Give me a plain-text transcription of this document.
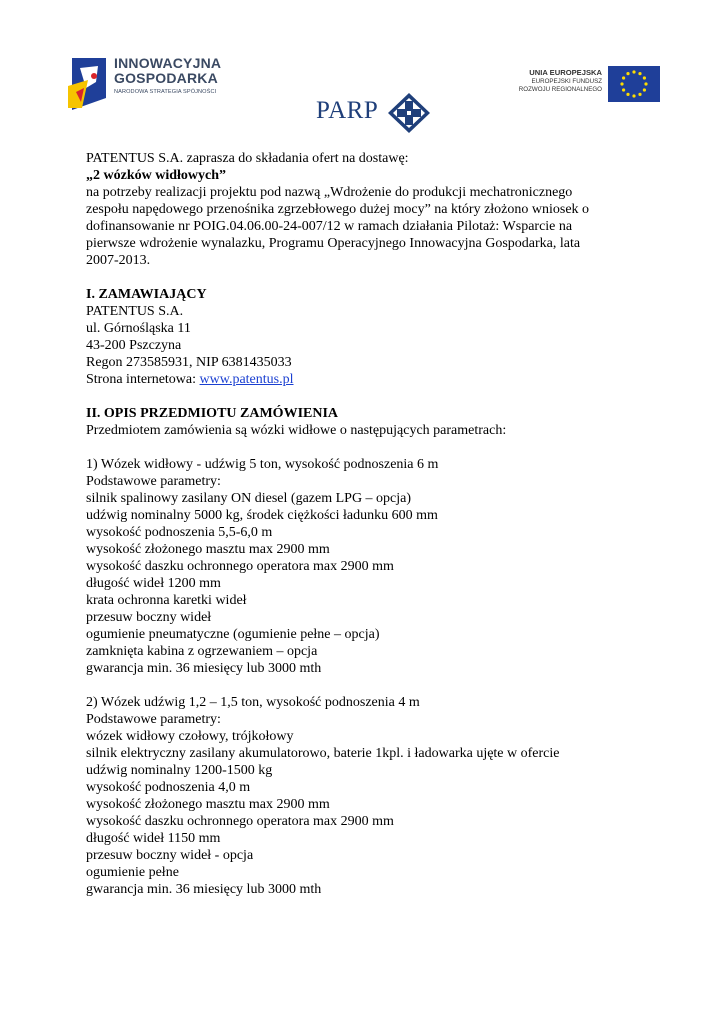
INNOWACYJNA
GOSPODARKA
NARODOWA STRATEGIA SPÓJNOŚCI
PARP
UNIA EUROPEJSKA
EUROPEJSKI FUNDUSZ
ROZWOJU REGIONALNEGO

PATENTUS S.A. zaprasza do składania ofert na dostawę:

„2 wózków widłowych”

na potrzeby realizacji projektu pod nazwą „Wdrożenie do produkcji mechatronicznego

zespołu napędowego przenośnika zgrzebłowego dużej mocy” na który złożono wniosek o

dofinansowanie nr POIG.04.06.00-24-007/12 w ramach działania Pilotaż: Wsparcie na

pierwsze wdrożenie wynalazku, Programu Operacyjnego Innowacyjna Gospodarka, lata

2007-2013.

I. ZAMAWIAJĄCY

PATENTUS S.A.

ul. Górnośląska 11

43-200 Pszczyna

Regon 273585931, NIP 6381435033

Strona internetowa: www.patentus.pl

II. OPIS PRZEDMIOTU ZAMÓWIENIA

Przedmiotem zamówienia są wózki widłowe o następujących parametrach:

1) Wózek widłowy - udźwig 5 ton, wysokość podnoszenia 6 m

Podstawowe parametry:

silnik spalinowy zasilany ON diesel (gazem LPG – opcja)

udźwig nominalny 5000 kg, środek ciężkości ładunku 600 mm

wysokość podnoszenia 5,5-6,0 m

wysokość złożonego masztu max 2900 mm

wysokość daszku ochronnego operatora max 2900 mm

długość wideł 1200 mm

krata ochronna karetki wideł

przesuw boczny wideł

ogumienie pneumatyczne (ogumienie pełne – opcja)

zamknięta kabina z ogrzewaniem – opcja

gwarancja min. 36 miesięcy lub 3000 mth

2) Wózek udźwig 1,2 – 1,5 ton, wysokość podnoszenia 4 m

Podstawowe parametry:

wózek widłowy czołowy, trójkołowy

silnik elektryczny zasilany akumulatorowo, baterie 1kpl. i ładowarka ujęte w ofercie

udźwig nominalny 1200-1500 kg

wysokość podnoszenia 4,0 m

wysokość złożonego masztu max 2900 mm

wysokość daszku ochronnego operatora max 2900 mm

długość wideł 1150 mm

przesuw boczny wideł - opcja

ogumienie pełne

gwarancja min. 36 miesięcy lub 3000 mth
